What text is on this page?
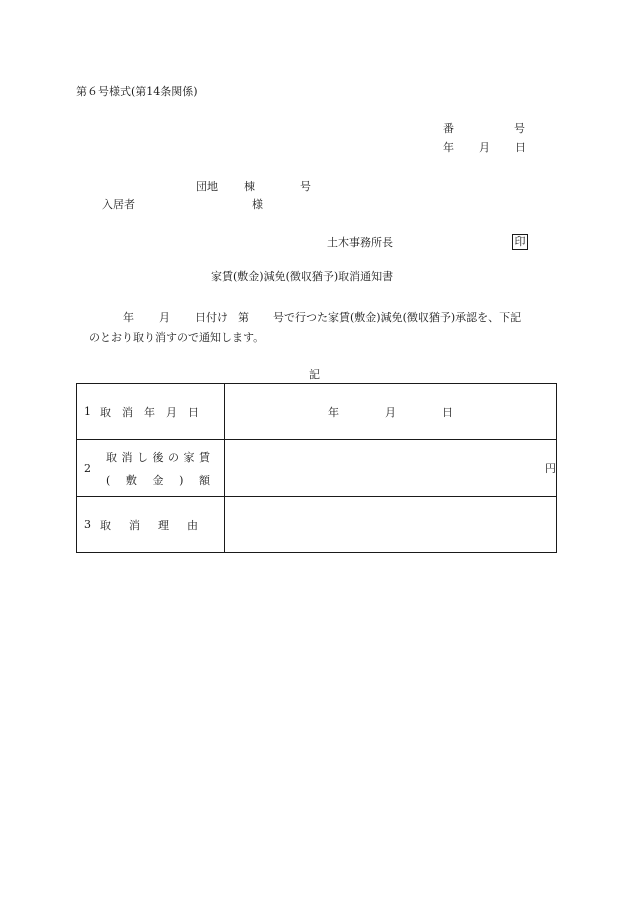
第６号様式(第14条関係)
番	号
年 月 日
団地 棟	号
入居者	様
土木事務所長	印
家賃(敷金)減免(徴収猶予)取消通知書
年 月 日付け 第 号で行つた家賃(敷金)減免(徴収猶予)承認を、下記
のとおり取り消すので通知します。
記
1 取消年月日	年 月 日

2
取消し後の家賃
(敷金)額	円

3 取消理由	
